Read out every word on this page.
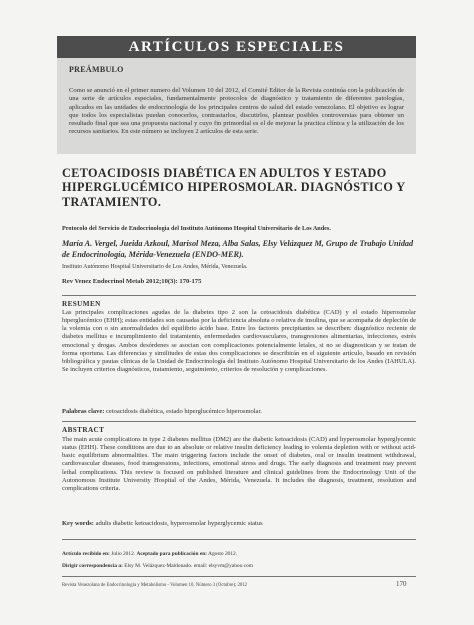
ARTÍCULOS ESPECIALES
PREÁMBULO
Como se anunció en el primer numero del Volumen 10 del 2012, el Comité Editor de la Revista continúa con la publicación de una serie de artículos especiales, fundamentalmente protocolos de diagnóstico y tratamiento de diferentes patologías, aplicados en las unidades de endocrinología de los principales centros de salud del estado venezolano. El objetivo es lograr que todos los especialistas puedan conocerlos, contrastarlos, discutirlos, plantear posibles controversias para obtener un resultado final que sea una propuesta nacional y cuyo fin primordial es el de mejorar la practica clínica y la utilización de los recursos sanitarios. En este número se incluyen 2 artículos de esta serie.
CETOACIDOSIS DIABÉTICA EN ADULTOS Y ESTADO HIPERGLUCÉMICO HIPEROSMOLAR. DIAGNÓSTICO Y TRATAMIENTO.
Protocolo del Servicio de Endocrinología del Instituto Autónomo Hospital Universitario de Los Andes.
María A. Vergel, Jueida Azkoul, Marisol Meza, Alba Salas, Elsy Velázquez M, Grupo de Trabajo Unidad de Endocrinología, Mérida-Venezuela (ENDO-MER).
Instituto Autónomo Hospital Universitario de Los Andes, Mérida, Venezuela.
Rev Venez Endocrinol Metab 2012;10(3): 170-175
RESUMEN
Las principales complicaciones agudas de la diabetes tipo 2 son la cetoacidosis diabética (CAD) y el estado hiperosmolar hiperglucémico (EHH); estas entidades son causadas por la deficiencia absoluta o relativa de insulina, que se acompaña de depleción de la volemia con o sin anormalidades del equilibrio ácido base. Entre los factores precipitantes se describen: diagnóstico reciente de diabetes mellitus e incumplimiento del tratamiento, enfermedades cardiovasculares, transgresiones alimentarias, infecciones, estrés emocional y drogas. Ambos desórdenes se asocian con complicaciones potencialmente letales, si no se diagnostican y se tratan de forma oportuna. Las diferencias y similitudes de estas dos complicaciones se describirán en el siguiente artículo, basado en revisión bibliográfica y pautas clínicas de la Unidad de Endocrinología del Instituto Autónomo Hospital Universitario de los Andes (IAHULA). Se incluyen criterios diagnósticos, tratamiento, seguimiento, criterios de resolución y complicaciones.
Palabras clave: cetoacidosis diabética, estado hiperglucémico hiperosmolar.
ABSTRACT
The main acute complications in type 2 diabetes mellitus (DM2) are the diabetic ketoacidosis (CAD) and hyperosmolar hyperglycemic status (EHH). These conditions are due to an absolute or relative insulin deficiency leading to volemia depletion with or without acid-basic equilibrium abnormalities. The main triggering factors include the onset of diabetes, oral or insulin treatment withdrawal, cardiovascular diseases, food transgressions, infections, emotional stress and drugs. The early diagnosis and treatment may prevent lethal complications. This review is focused on published literature and clinical guidelines from the Endocrinology Unit of the Autonomous Institute University Hospital of the Andes, Mérida, Venezuela. It includes the diagnosis, treatment, resolution and complications criteria.
Key words: adults diabetic ketoacidosis, hyperosmolar hyperglycemic status
Artículo recibido en: Julio 2012. Aceptado para publicación en: Agosto 2012.
Dirigir correspondencia a: Elsy M. Velázquez-Maldonado. email: elsyvm@yahoo.com
Revista Venezolana de Endocrinología y Metabolismo - Volumen 10, Número 3 (Octubre); 2012	170
